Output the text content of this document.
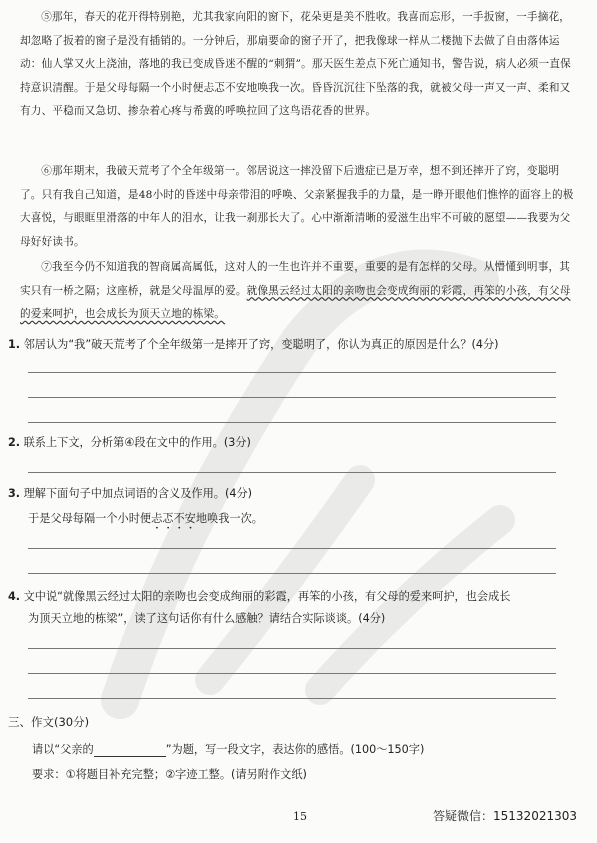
⑤那年，春天的花开得特别艳，尤其我家向阳的窗下，花朵更是美不胜收。我喜而忘形，一手扳窗，一手摘花，却忽略了扳着的窗子是没有插销的。一分钟后，那扇要命的窗子开了，把我像球一样从二楼抛下去做了自由落体运动：仙人掌又火上浇油，落地的我已变成昏迷不醒的“刺猬”。那天医生差点下死亡通知书，警告说，病人必须一直保持意识清醒。于是父母每隔一个小时便忐忑不安地唤我一次。昏昏沉沉往下坠落的我，就被父母一声又一声、柔和又有力、平稳而又急切、掺杂着心疼与希冀的呼唤拉回了这鸟语花香的世界。
⑥那年期末，我破天荒考了个全年级第一。邻居说这一摔没留下后遗症已是万幸，想不到还摔开了窍，变聪明了。只有我自己知道，是48小时的昏迷中母亲带泪的呼唤、父亲紧握我手的力量，是一睁开眼他们憔悴的面容上的极大喜悦，与眼眶里滑落的中年人的泪水，让我一刹那长大了。心中渐渐清晰的爱滋生出牢不可破的愿望——我要为父母好好读书。
⑦我至今仍不知道我的智商属高属低，这对人的一生也许并不重要，重要的是有怎样的父母。从懵懂到明事，其实只有一桥之隔；这座桥，就是父母温厚的爱。就像黑云经过太阳的亲吻也会变成绚丽的彩霞，再笨的小孩，有父母的爱来呵护，也会成长为顶天立地的栋梁。
1. 邻居认为“我”破天荒考了个全年级第一是摔开了窍，变聪明了，你认为真正的原因是什么？(4分)
2. 联系上下文，分析第④段在文中的作用。(3分)
3. 理解下面句子中加点词语的含义及作用。(4分)
于是父母每隔一个小时便忐忑不安地唤我一次。
4. 文中说“就像黑云经过太阳的亲吻也会变成绚丽的彩霞，再笨的小孩，有父母的爱来呵护，也会成长
为顶天立地的栋梁”，读了这句话你有什么感触？请结合实际谈谈。(4分)
三、作文(30分)
请以“父亲的	”为题，写一段文字，表达你的感悟。(100～150字)
要求：①将题目补充完整；②字迹工整。(请另附作文纸)
15	答疑微信：15132021303
